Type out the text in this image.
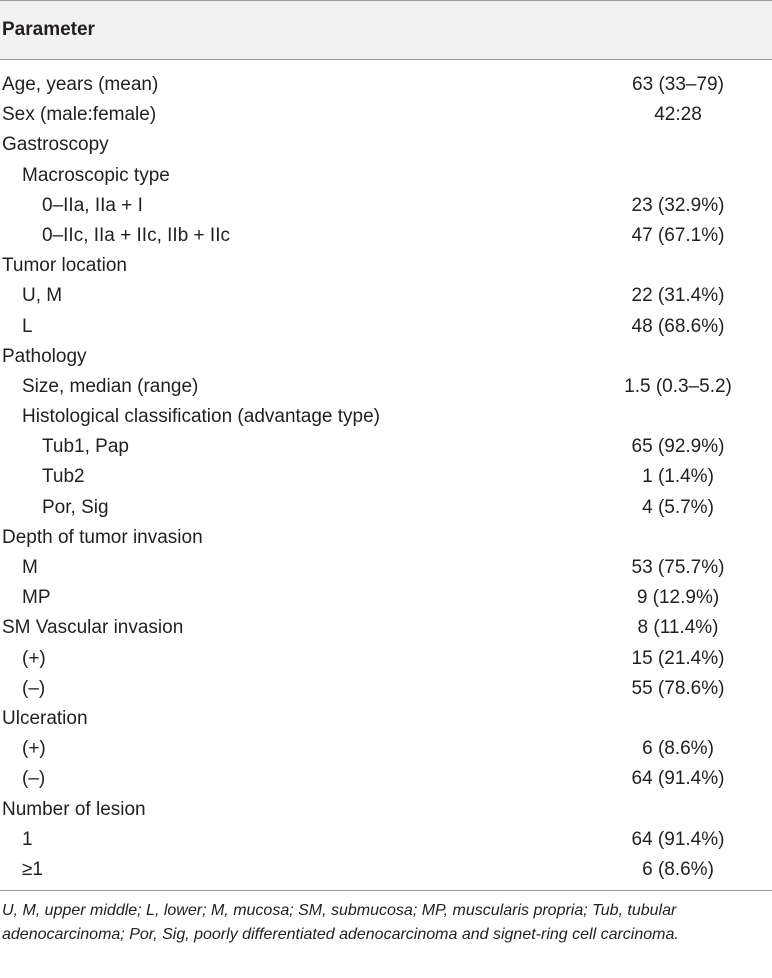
Parameter
Age, years (mean)	63 (33–79)
Sex (male:female)	42:28
Gastroscopy
Macroscopic type
0–IIa, IIa + I	23 (32.9%)
0–IIc, IIa + IIc, IIb + IIc	47 (67.1%)
Tumor location
U, M	22 (31.4%)
L	48 (68.6%)
Pathology
Size, median (range)	1.5 (0.3–5.2)
Histological classification (advantage type)
Tub1, Pap	65 (92.9%)
Tub2	1 (1.4%)
Por, Sig	4 (5.7%)
Depth of tumor invasion
M	53 (75.7%)
MP	9 (12.9%)
SM Vascular invasion	8 (11.4%)
(+)	15 (21.4%)
(–)	55 (78.6%)
Ulceration
(+)	6 (8.6%)
(–)	64 (91.4%)
Number of lesion
1	64 (91.4%)
≥1	6 (8.6%)
U, M, upper middle; L, lower; M, mucosa; SM, submucosa; MP, muscularis propria; Tub, tubular adenocarcinoma; Por, Sig, poorly differentiated adenocarcinoma and signet-ring cell carcinoma.
